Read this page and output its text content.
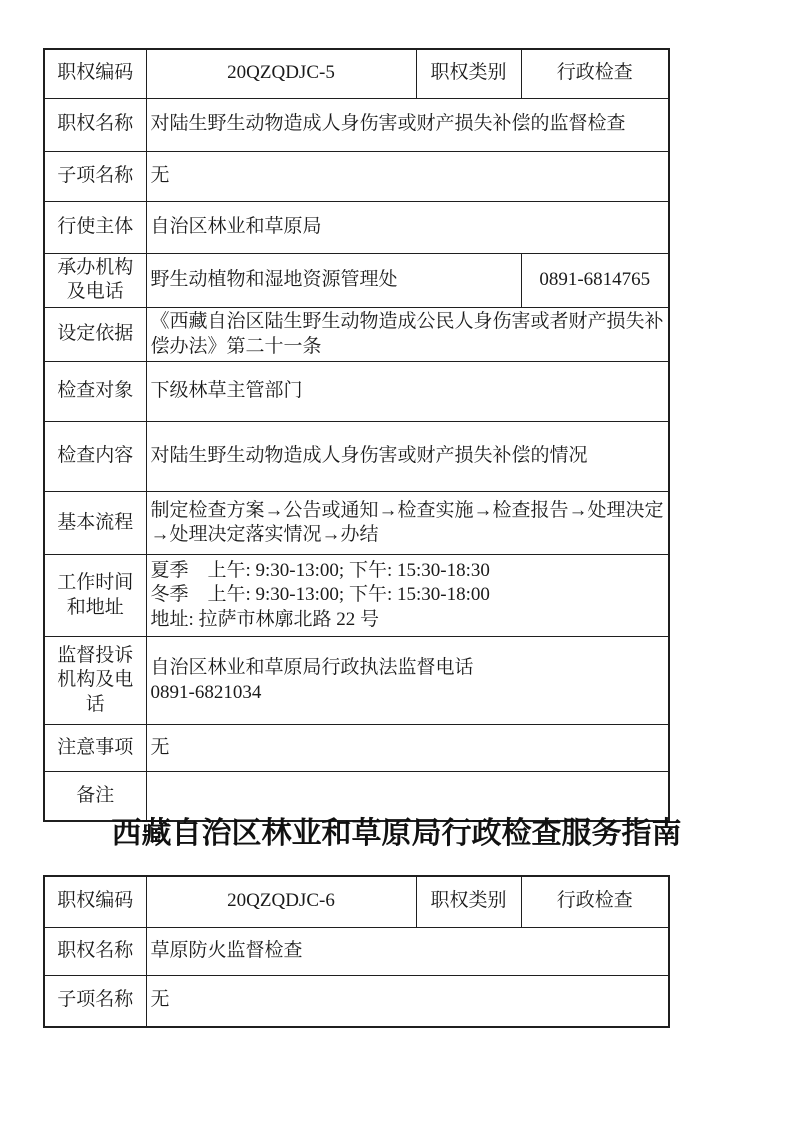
职权编码	20QZQDJC-5	职权类别	行政检查
职权名称	对陆生野生动物造成人身伤害或财产损失补偿的监督检查		
子项名称	无		
行使主体	自治区林业和草原局		
承办机构
及电话	野生动植物和湿地资源管理处		0891-6814765
设定依据	《西藏自治区陆生野生动物造成公民人身伤害或者财产损失补
偿办法》第二十一条		
检查对象	下级林草主管部门		
检查内容	对陆生野生动物造成人身伤害或财产损失补偿的情况		
基本流程	制定检查方案→公告或通知→检查实施→检查报告→处理决定
→处理决定落实情况→办结		
工作时间
和地址	夏季　上午: 9:30-13:00; 下午: 15:30-18:30
冬季　上午: 9:30-13:00; 下午: 15:30-18:00
地址: 拉萨市林廓北路 22 号		
监督投诉
机构及电话	自治区林业和草原局行政执法监督电话
0891-6821034		
注意事项	无		
备注			
西藏自治区林业和草原局行政检查服务指南
职权编码	20QZQDJC-6	职权类别	行政检查
职权名称	草原防火监督检查		
子项名称	无		
